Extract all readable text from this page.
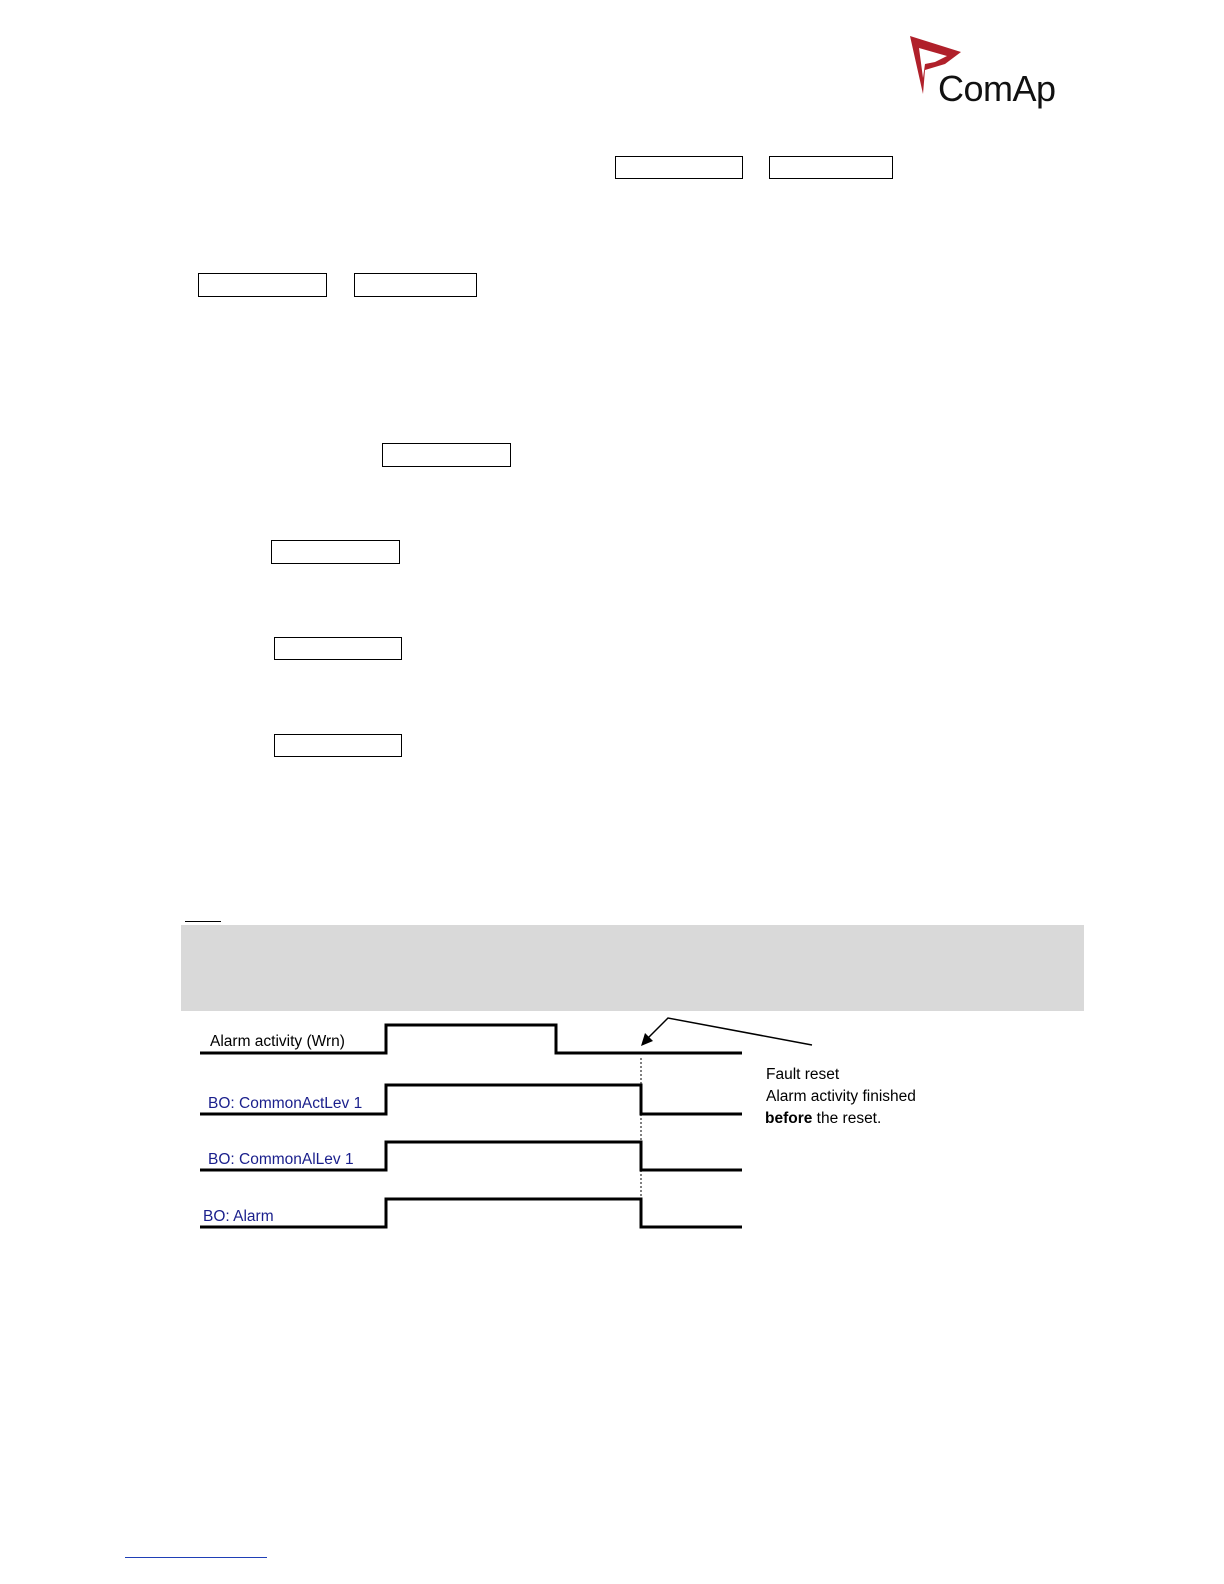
ComAp
Alarm activity (Wrn)
BO: CommonActLev 1
BO: CommonAlLev 1
BO: Alarm
Fault reset
Alarm activity finished
before the reset.
